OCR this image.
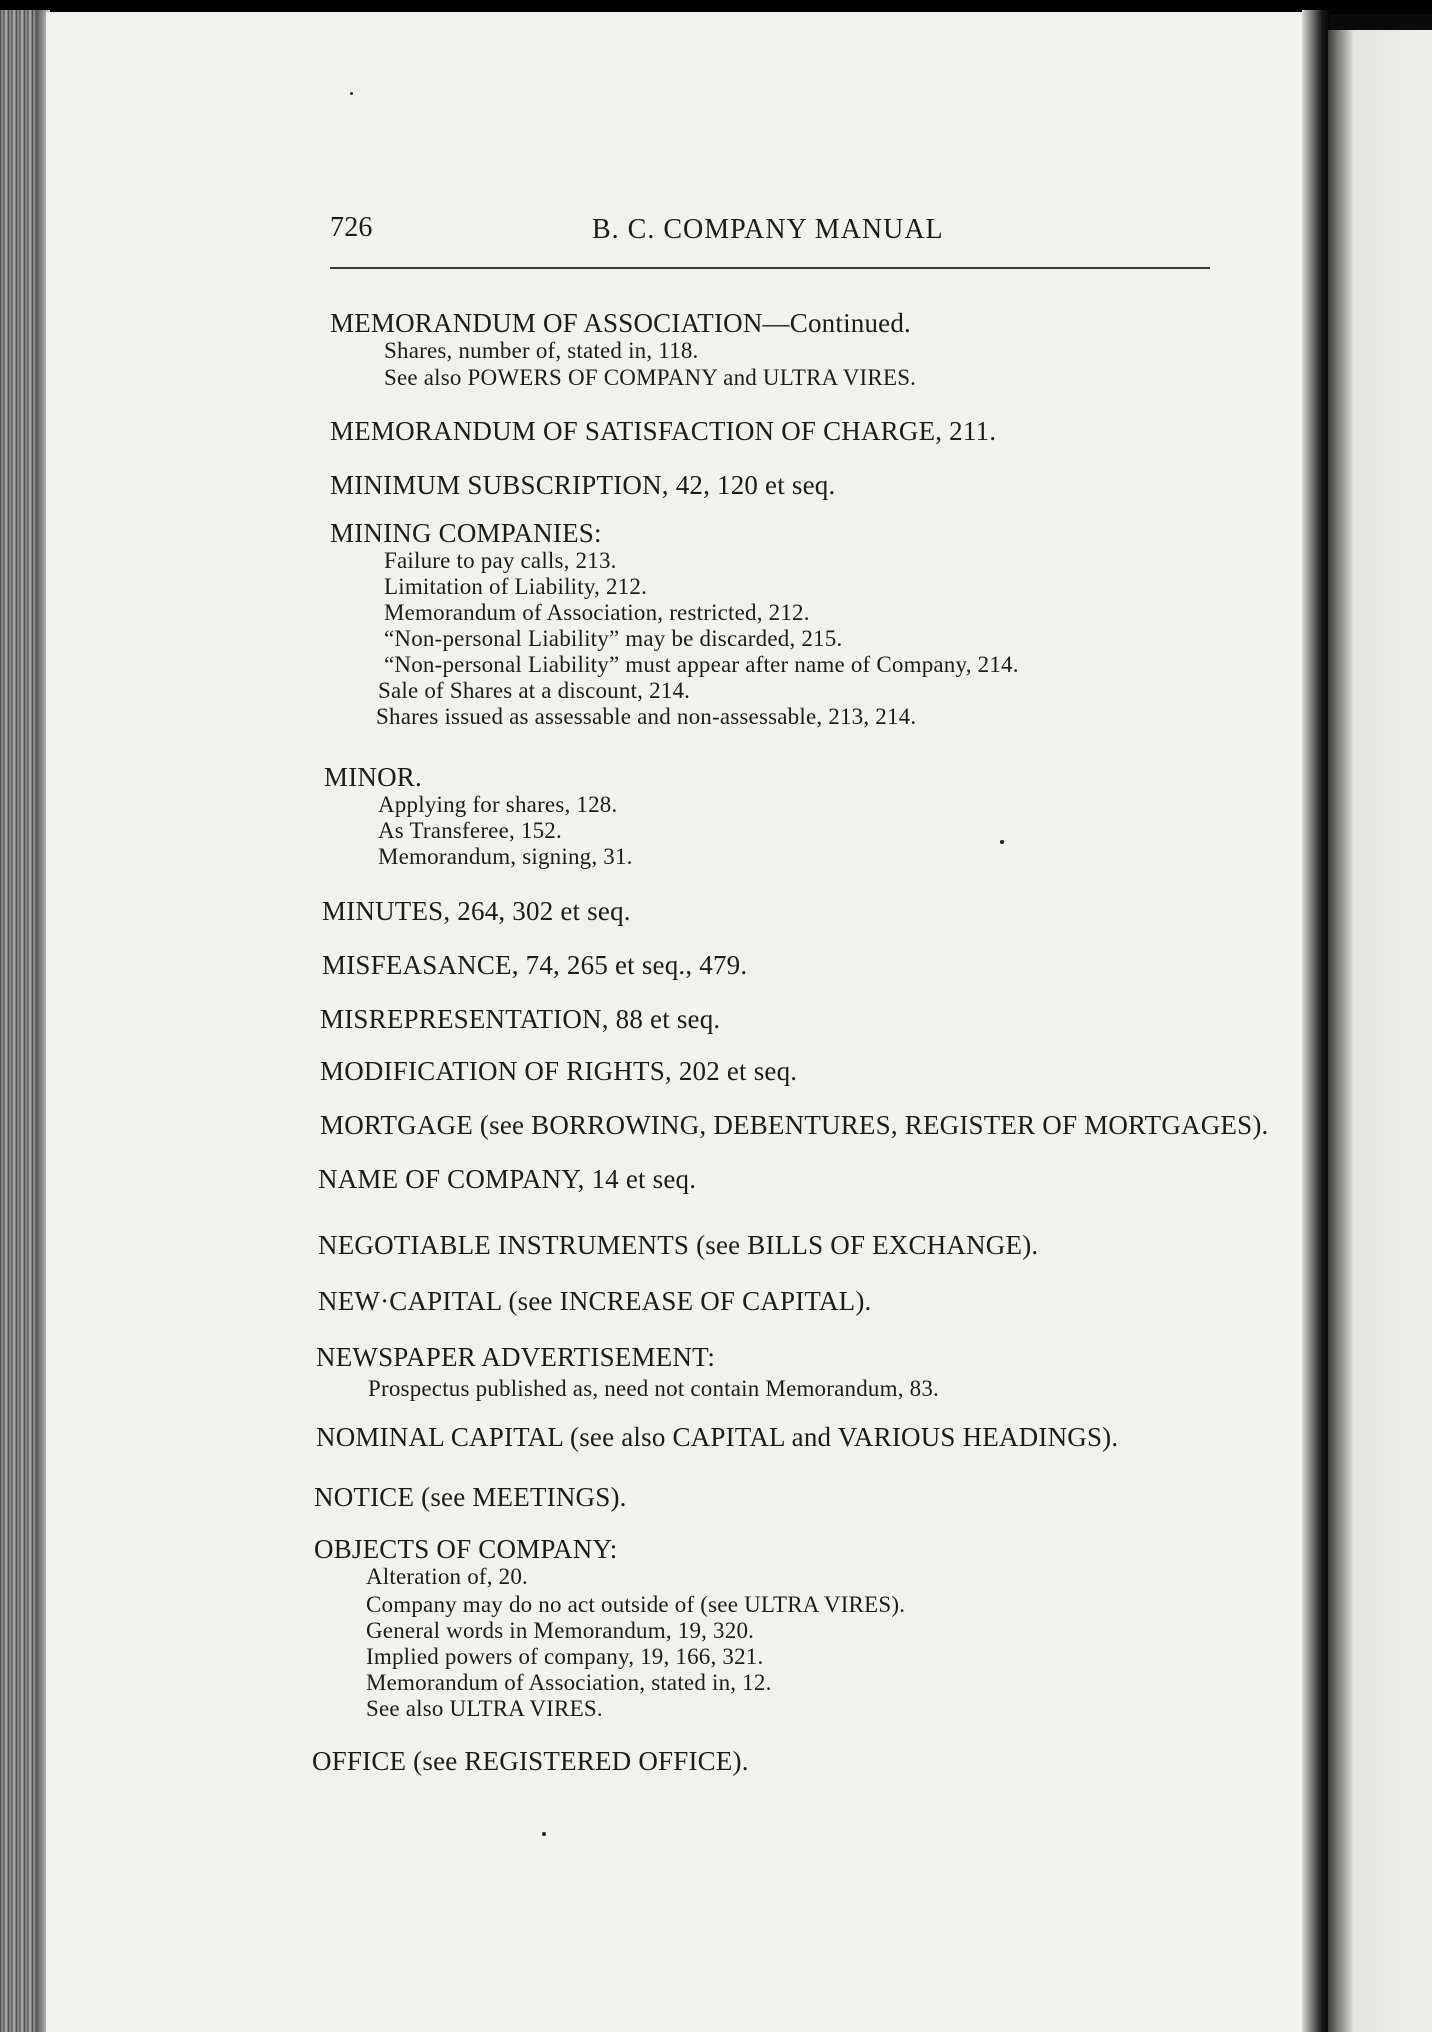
726	B. C. COMPANY MANUAL
MEMORANDUM OF ASSOCIATION—Continued.
Shares, number of, stated in, 118.
See also POWERS OF COMPANY and ULTRA VIRES.
MEMORANDUM OF SATISFACTION OF CHARGE, 211.
MINIMUM SUBSCRIPTION, 42, 120 et seq.
MINING COMPANIES:
Failure to pay calls, 213.
Limitation of Liability, 212.
Memorandum of Association, restricted, 212.
“Non-personal Liability” may be discarded, 215.
“Non-personal Liability” must appear after name of Company, 214.
Sale of Shares at a discount, 214.
Shares issued as assessable and non-assessable, 213, 214.
MINOR.
Applying for shares, 128.
As Transferee, 152.
Memorandum, signing, 31.
MINUTES, 264, 302 et seq.
MISFEASANCE, 74, 265 et seq., 479.
MISREPRESENTATION, 88 et seq.
MODIFICATION OF RIGHTS, 202 et seq.
MORTGAGE (see BORROWING, DEBENTURES, REGISTER OF MORTGAGES).
NAME OF COMPANY, 14 et seq.
NEGOTIABLE INSTRUMENTS (see BILLS OF EXCHANGE).
NEW·CAPITAL (see INCREASE OF CAPITAL).
NEWSPAPER ADVERTISEMENT:
Prospectus published as, need not contain Memorandum, 83.
NOMINAL CAPITAL (see also CAPITAL and VARIOUS HEADINGS).
NOTICE (see MEETINGS).
OBJECTS OF COMPANY:
Alteration of, 20.
Company may do no act outside of (see ULTRA VIRES).
General words in Memorandum, 19, 320.
Implied powers of company, 19, 166, 321.
Memorandum of Association, stated in, 12.
See also ULTRA VIRES.
OFFICE (see REGISTERED OFFICE).
